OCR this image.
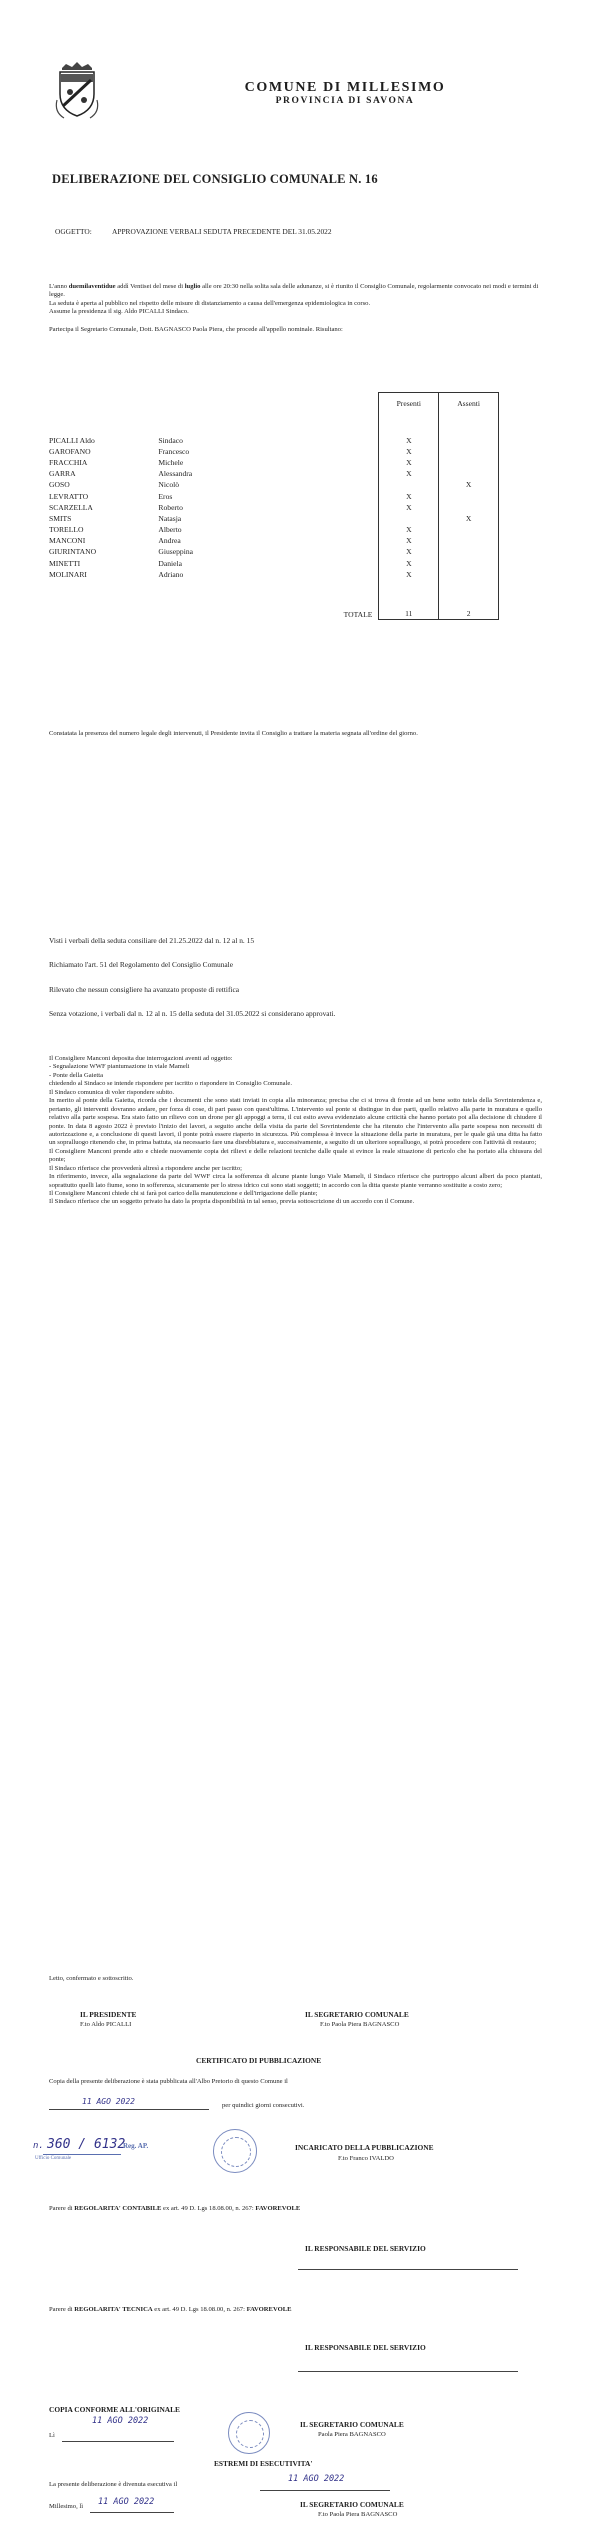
COMUNE DI MILLESIMO
PROVINCIA DI SAVONA
DELIBERAZIONE DEL CONSIGLIO COMUNALE N. 16
OGGETTO:	APPROVAZIONE VERBALI SEDUTA PRECEDENTE DEL 31.05.2022
L'anno duemilaventidue addì Ventisei del mese di luglio alle ore 20:30 nella solita sala delle adunanze, si è riunito il Consiglio Comunale, regolarmente convocato nei modi e termini di legge.
La seduta è aperta al pubblico nel rispetto delle misure di distanziamento a causa dell'emergenza epidemiologica in corso.
Assume la presidenza il sig. Aldo PICALLI Sindaco.
Partecipa il Segretario Comunale, Dott. BAGNASCO Paola Piera, che procede all'appello nominale. Risultano:
		Presenti	Assenti
PICALLI Aldo	Sindaco	X	
GAROFANO	Francesco	X	
FRACCHIA	Michele	X	
GARRA	Alessandra	X	
GOSO	Nicolò		X
LEVRATTO	Eros	X	
SCARZELLA	Roberto	X	
SMITS	Natasja		X
TORELLO	Alberto	X	
MANCONI	Andrea	X	
GIURINTANO	Giuseppina	X	
MINETTI	Daniela	X	
MOLINARI	Adriano	X	
	TOTALE	11	2
Constatata la presenza del numero legale degli intervenuti, il Presidente invita il Consiglio a trattare la materia segnata all'ordine del giorno.
Visti i verbali della seduta consiliare del 21.25.2022 dal n. 12 al n. 15
Richiamato l'art. 51 del Regolamento del Consiglio Comunale
Rilevato che nessun consigliere ha avanzato proposte di rettifica
Senza votazione, i verbali dal n. 12 al n. 15 della seduta del 31.05.2022 si considerano approvati.
Il Consigliere Manconi deposita due interrogazioni aventi ad oggetto:
- Segnalazione WWF piantumazione in viale Mameli
- Ponte della Gaietta
chiedendo al Sindaco se intende rispondere per iscritto o rispondere in Consiglio Comunale.
Il Sindaco comunica di voler rispondere subito.
In merito al ponte della Gaietta, ricorda che i documenti che sono stati inviati in copia alla minoranza; precisa che ci si trova di fronte ad un bene sotto tutela della Sovrintendenza e, pertanto, gli interventi dovranno andare, per forza di cose, di pari passo con quest'ultima. L'intervento sul ponte si distingue in due parti, quello relativo alla parte in muratura e quello relativo alla parte sospesa. Era stato fatto un rilievo con un drone per gli appoggi a terra, il cui esito aveva evidenziato alcune criticità che hanno portato poi alla decisione di chiudere il ponte. In data 8 agosto 2022 è previsto l'inizio dei lavori, a seguito anche della visita da parte del Sovrintendente che ha ritenuto che l'intervento alla parte sospesa non necessiti di autorizzazione e, a conclusione di questi lavori, il ponte potrà essere riaperto in sicurezza. Più complessa è invece la situazione della parte in muratura, per le quale già una ditta ha fatto un sopralluogo ritenendo che, in prima battuta, sia necessario fare una disrebbiatura e, successivamente, a seguito di un ulteriore sopralluogo, si potrà procedere con l'attività di restauro;
Il Consigliere Manconi prende atto e chiede nuovamente copia dei rilievi e delle relazioni tecniche dalle quale si evince la reale situazione di pericolo che ha portato alla chiusura del ponte;
Il Sindaco riferisce che provvederà altresì a rispondere anche per iscritto;
In riferimento, invece, alla segnalazione da parte del WWF circa la sofferenza di alcune piante lungo Viale Mameli, il Sindaco riferisce che purtroppo alcuni alberi da poco piantati, soprattutto quelli lato fiume, sono in sofferenza, sicuramente per lo stress idrico cui sono stati soggetti; in accordo con la ditta queste piante verranno sostituite a costo zero;
Il Consigliere Manconi chiede chi si farà poi carico della manutenzione e dell'irrigazione delle piante;
Il Sindaco riferisce che un soggetto privato ha dato la propria disponibilità in tal senso, previa sottoscrizione di un accordo con il Comune.
Letto, confermato e sottoscritto.
IL PRESIDENTE
F.to Aldo PICALLI
IL SEGRETARIO COMUNALE
F.to Paola Piera BAGNASCO
CERTIFICATO DI PUBBLICAZIONE
Copia della presente deliberazione è stata pubblicata all'Albo Pretorio di questo Comune il
11 AGO 2022	per quindici giorni consecutivi.
n. 360 / 6132
Reg. AP.
Ufficio Comunale
INCARICATO DELLA PUBBLICAZIONE
F.to Franco IVALDO
Parere di REGOLARITA' CONTABILE ex art. 49 D. Lgs 18.08.00, n. 267: FAVOREVOLE
IL RESPONSABILE DEL SERVIZIO
Parere di REGOLARITA' TECNICA ex art. 49 D. Lgs 18.08.00, n. 267: FAVOREVOLE
IL RESPONSABILE DEL SERVIZIO
COPIA CONFORME ALL'ORIGINALE
11 AGO 2022
Lì
IL SEGRETARIO COMUNALE
Paola Piera BAGNASCO
ESTREMI DI ESECUTIVITA'
La presente deliberazione è divenuta esecutiva il
11 AGO 2022
Millesimo, lì 11 AGO 2022	IL SEGRETARIO COMUNALE
F.to Paola Piera BAGNASCO
